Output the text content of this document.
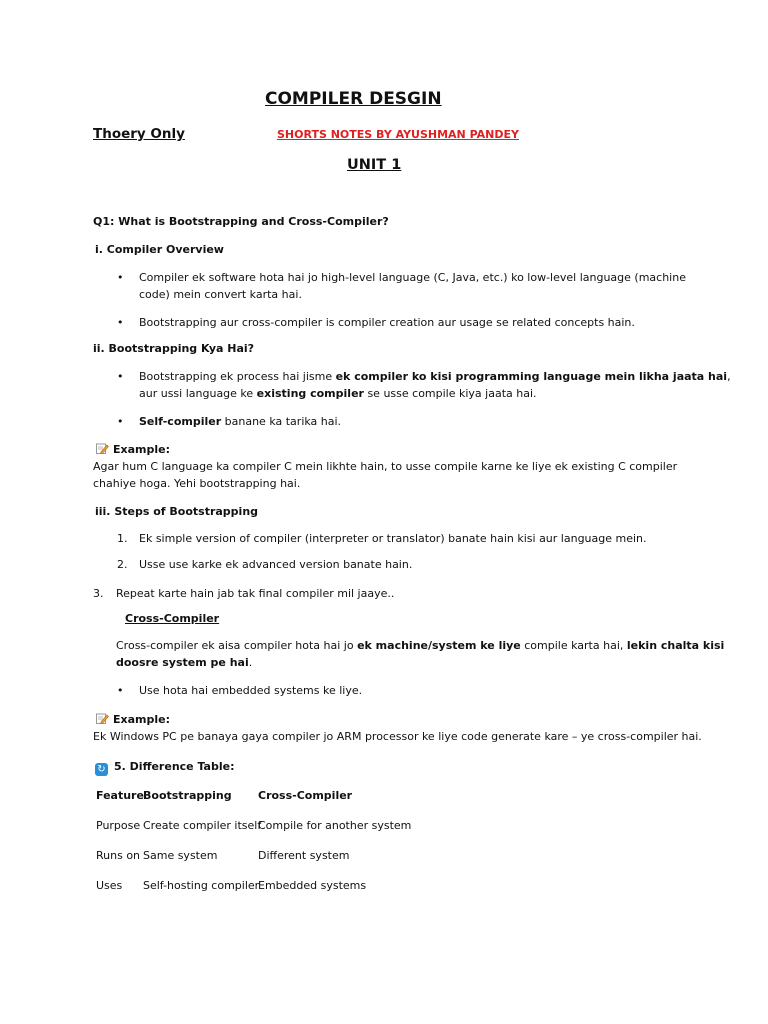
COMPILER DESGIN
Thoery Only	SHORTS NOTES BY AYUSHMAN PANDEY
UNIT 1
Q1: What is Bootstrapping and Cross-Compiler?
i. Compiler Overview
• Compiler ek software hota hai jo high-level language (C, Java, etc.) ko low-level language (machine
code) mein convert karta hai.
• Bootstrapping aur cross-compiler is compiler creation aur usage se related concepts hain.
ii. Bootstrapping Kya Hai?
• Bootstrapping ek process hai jisme ek compiler ko kisi programming language mein likha jaata hai,
aur ussi language ke existing compiler se usse compile kiya jaata hai.
• Self-compiler banane ka tarika hai.
Example:
Agar hum C language ka compiler C mein likhte hain, to usse compile karne ke liye ek existing C compiler
chahiye hoga. Yehi bootstrapping hai.
iii. Steps of Bootstrapping
1. Ek simple version of compiler (interpreter or translator) banate hain kisi aur language mein.
2. Usse use karke ek advanced version banate hain.
3. Repeat karte hain jab tak final compiler mil jaaye..
Cross-Compiler
Cross-compiler ek aisa compiler hota hai jo ek machine/system ke liye compile karta hai, lekin chalta kisi
doosre system pe hai.
• Use hota hai embedded systems ke liye.
Example:
Ek Windows PC pe banaya gaya compiler jo ARM processor ke liye code generate kare – ye cross-compiler hai.
↻ 5. Difference Table:
Feature Bootstrapping Cross-Compiler
Purpose Create compiler itself
Compile for another system
Runs on Same system	Different system
Uses Self-hosting compiler
Embedded systems
